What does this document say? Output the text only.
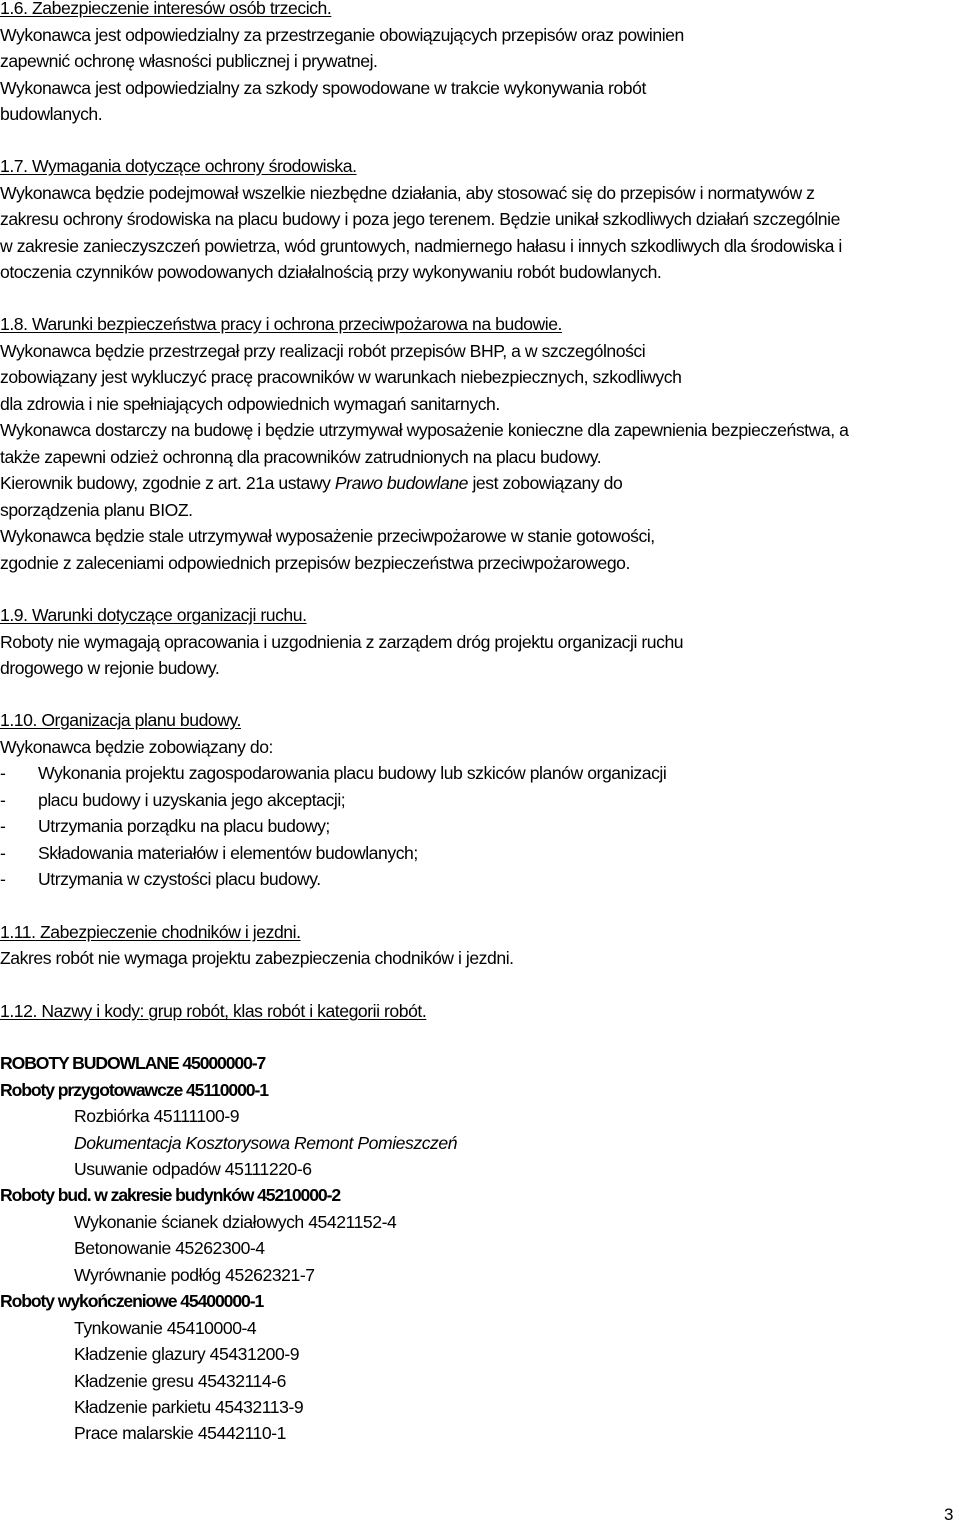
1.6. Zabezpieczenie interesów osób trzecich.
Wykonawca jest odpowiedzialny za przestrzeganie obowiązujących przepisów oraz powinien
zapewnić ochronę własności publicznej i prywatnej.
Wykonawca jest odpowiedzialny za szkody spowodowane w trakcie wykonywania robót
budowlanych.
1.7. Wymagania dotyczące ochrony środowiska.
Wykonawca będzie podejmował wszelkie niezbędne działania, aby stosować się do przepisów i normatywów z
zakresu ochrony środowiska na placu budowy i poza jego terenem. Będzie unikał szkodliwych działań szczególnie
w zakresie zanieczyszczeń powietrza, wód gruntowych, nadmiernego hałasu i innych szkodliwych dla środowiska i
otoczenia czynników powodowanych działalnością przy wykonywaniu robót budowlanych.
1.8. Warunki bezpieczeństwa pracy i ochrona przeciwpożarowa na budowie.
Wykonawca będzie przestrzegał przy realizacji robót przepisów BHP, a w szczególności
zobowiązany jest wykluczyć pracę pracowników w warunkach niebezpiecznych, szkodliwych
dla zdrowia i nie spełniających odpowiednich wymagań sanitarnych.
Wykonawca dostarczy na budowę i będzie utrzymywał wyposażenie konieczne dla zapewnienia bezpieczeństwa, a
także zapewni odzież ochronną dla pracowników zatrudnionych na placu budowy.
Kierownik budowy, zgodnie z art. 21a ustawy Prawo budowlane jest zobowiązany do
sporządzenia planu BIOZ.
Wykonawca będzie stale utrzymywał wyposażenie przeciwpożarowe w stanie gotowości,
zgodnie z zaleceniami odpowiednich przepisów bezpieczeństwa przeciwpożarowego.
1.9. Warunki dotyczące organizacji ruchu.
Roboty nie wymagają opracowania i uzgodnienia z zarządem dróg projektu organizacji ruchu
drogowego w rejonie budowy.
1.10. Organizacja planu budowy.
Wykonawca będzie zobowiązany do:
- Wykonania projektu zagospodarowania placu budowy lub szkiców planów organizacji
- placu budowy i uzyskania jego akceptacji;
- Utrzymania porządku na placu budowy;
- Składowania materiałów i elementów budowlanych;
- Utrzymania w czystości placu budowy.
1.11. Zabezpieczenie chodników i jezdni.
Zakres robót nie wymaga projektu zabezpieczenia chodników i jezdni.
1.12. Nazwy i kody: grup robót, klas robót i kategorii robót.
ROBOTY BUDOWLANE 45000000-7
Roboty przygotowawcze 45110000-1
Rozbiórka 45111100-9
Dokumentacja Kosztorysowa Remont Pomieszczeń
Usuwanie odpadów 45111220-6
Roboty bud. w zakresie budynków 45210000-2
Wykonanie ścianek działowych 45421152-4
Betonowanie 45262300-4
Wyrównanie podłóg 45262321-7
Roboty wykończeniowe 45400000-1
Tynkowanie 45410000-4
Kładzenie glazury 45431200-9
Kładzenie gresu 45432114-6
Kładzenie parkietu 45432113-9
Prace malarskie 45442110-1
3
